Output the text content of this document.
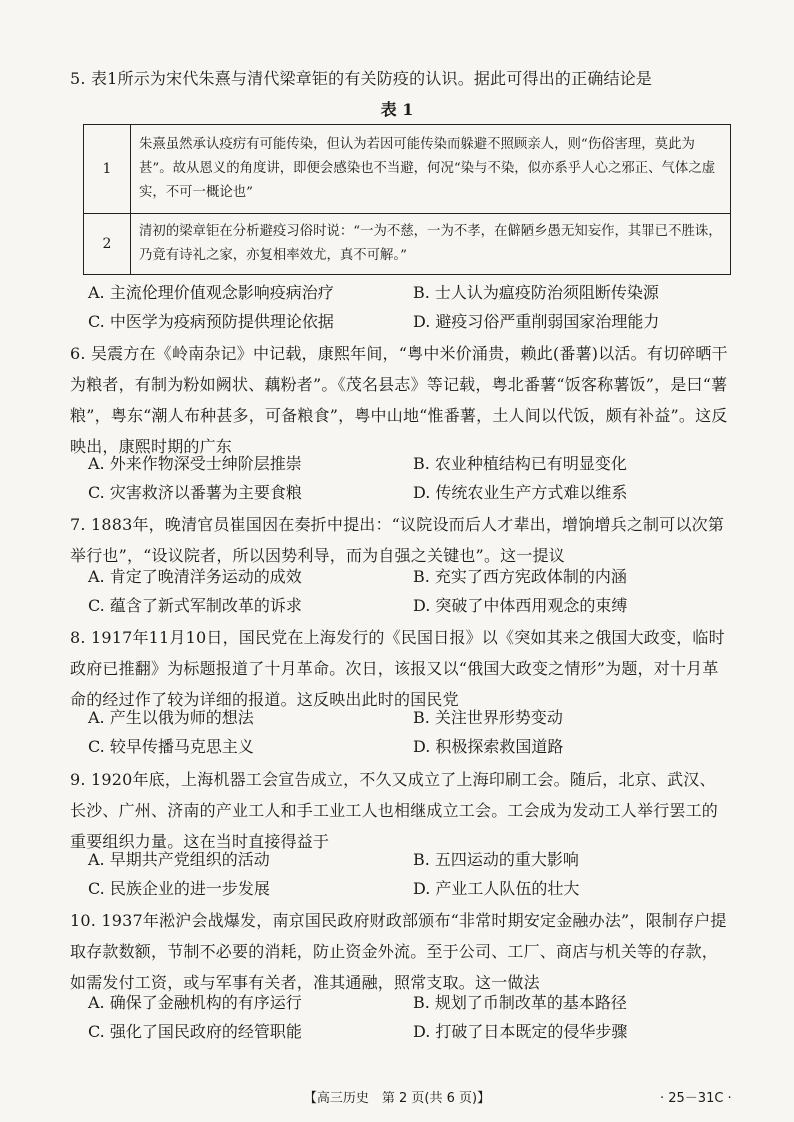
5. 表1所示为宋代朱熹与清代梁章钜的有关防疫的认识。据此可得出的正确结论是
表 1
1	朱熹虽然承认疫疠有可能传染，但认为若因可能传染而躲避不照顾亲人，则“伤俗害理，莫此为甚”。故从恩义的角度讲，即便会感染也不当避，何况“染与不染，似亦系乎人心之邪正、气体之虚实，不可一概论也”
2	清初的梁章钜在分析避疫习俗时说：“一为不慈，一为不孝，在僻陋乡愚无知妄作，其罪已不胜诛，乃竟有诗礼之家，亦复相率效尤，真不可解。”
A. 主流伦理价值观念影响疫病治疗	B. 士人认为瘟疫防治须阻断传染源
C. 中医学为疫病预防提供理论依据	D. 避疫习俗严重削弱国家治理能力
6. 吴震方在《岭南杂记》中记载，康熙年间，“粤中米价涌贵，赖此(番薯)以活。有切碎晒干为粮者，有制为粉如阙状、藕粉者”。《茂名县志》等记载，粤北番薯“饭客称薯饭”，是曰“薯粮”，粤东“潮人布种甚多，可备粮食”，粤中山地“惟番薯，土人间以代饭，颇有补益”。这反映出，康熙时期的广东
A. 外来作物深受士绅阶层推崇	B. 农业种植结构已有明显变化
C. 灾害救济以番薯为主要食粮	D. 传统农业生产方式难以维系
7. 1883年，晚清官员崔国因在奏折中提出：“议院设而后人才辈出，增饷增兵之制可以次第举行也”，“设议院者，所以因势利导，而为自强之关键也”。这一提议
A. 肯定了晚清洋务运动的成效	B. 充实了西方宪政体制的内涵
C. 蕴含了新式军制改革的诉求	D. 突破了中体西用观念的束缚
8. 1917年11月10日，国民党在上海发行的《民国日报》以《突如其来之俄国大政变，临时政府已推翻》为标题报道了十月革命。次日，该报又以“俄国大政变之情形”为题，对十月革命的经过作了较为详细的报道。这反映出此时的国民党
A. 产生以俄为师的想法	B. 关注世界形势变动
C. 较早传播马克思主义	D. 积极探索救国道路
9. 1920年底，上海机器工会宣告成立，不久又成立了上海印刷工会。随后，北京、武汉、长沙、广州、济南的产业工人和手工业工人也相继成立工会。工会成为发动工人举行罢工的重要组织力量。这在当时直接得益于
A. 早期共产党组织的活动	B. 五四运动的重大影响
C. 民族企业的进一步发展	D. 产业工人队伍的壮大
10. 1937年淞沪会战爆发，南京国民政府财政部颁布“非常时期安定金融办法”，限制存户提取存款数额，节制不必要的消耗，防止资金外流。至于公司、工厂、商店与机关等的存款，如需发付工资，或与军事有关者，准其通融，照常支取。这一做法
A. 确保了金融机构的有序运行	B. 规划了币制改革的基本路径
C. 强化了国民政府的经管职能	D. 打破了日本既定的侵华步骤
【高三历史　第 2 页(共 6 页)】	· 25－31C ·
